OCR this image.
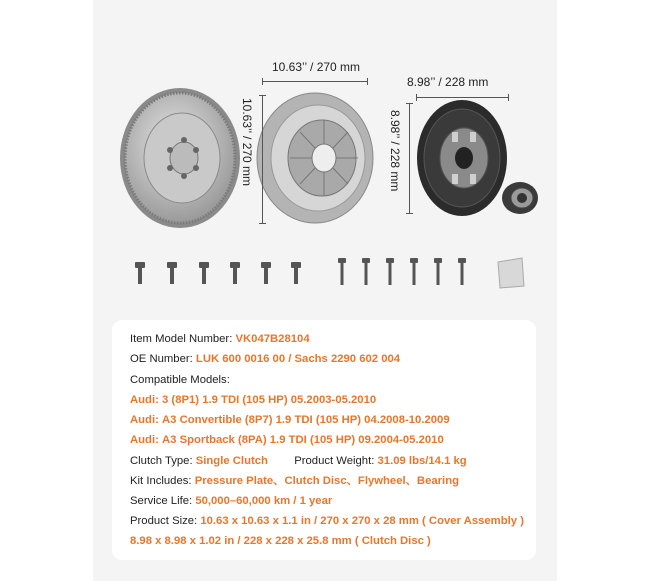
10.63’’ / 270 mm
10.63’’ / 270 mm
8.98’’ / 228 mm
8.98’’ / 228 mm
Item Model Number: VK047B28104
OE Number: LUK 600 0016 00 / Sachs 2290 602 004
Compatible Models:
Audi: 3 (8P1) 1.9 TDI (105 HP) 05.2003-05.2010
Audi: A3 Convertible (8P7) 1.9 TDI (105 HP) 04.2008-10.2009
Audi: A3 Sportback (8PA) 1.9 TDI (105 HP) 09.2004-05.2010
Clutch Type: Single Clutch Product Weight: 31.09 lbs/14.1 kg
Kit Includes: Pressure Plate、Clutch Disc、Flywheel、Bearing
Service Life: 50,000–60,000 km / 1 year
Product Size: 10.63 x 10.63 x 1.1 in / 270 x 270 x 28 mm ( Cover Assembly )
8.98 x 8.98 x 1.02 in / 228 x 228 x 25.8 mm ( Clutch Disc )
